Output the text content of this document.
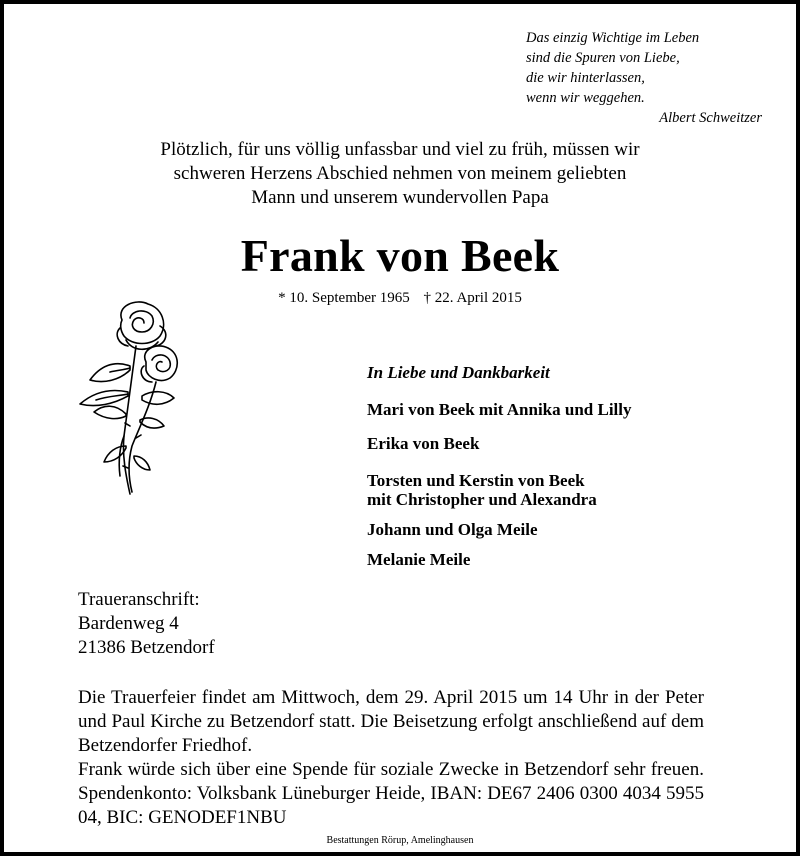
Das einzig Wichtige im Leben
sind die Spuren von Liebe,
die wir hinterlassen,
wenn wir weggehen.
Albert Schweitzer
Plötzlich, für uns völlig unfassbar und viel zu früh, müssen wir
schweren Herzens Abschied nehmen von meinem geliebten
Mann und unserem wundervollen Papa
Frank von Beek
* 10. September 1965 † 22. April 2015
In Liebe und Dankbarkeit
Mari von Beek mit Annika und Lilly
Erika von Beek
Torsten und Kerstin von Beek
mit Christopher und Alexandra
Johann und Olga Meile
Melanie Meile
Traueranschrift:
Bardenweg 4
21386 Betzendorf

Die Trauerfeier findet am Mittwoch, dem 29. April 2015 um 14 Uhr in der Peter und Paul Kirche zu Betzendorf statt. Die Beisetzung erfolgt anschließend auf dem Betzendorfer Friedhof.

Frank würde sich über eine Spende für soziale Zwecke in Betzendorf sehr freuen. Spendenkonto: Volksbank Lüneburger Heide, IBAN: DE67 2406 0300 4034 5955 04, BIC: GENODEF1NBU

Bestattungen Rörup, Amelinghausen
